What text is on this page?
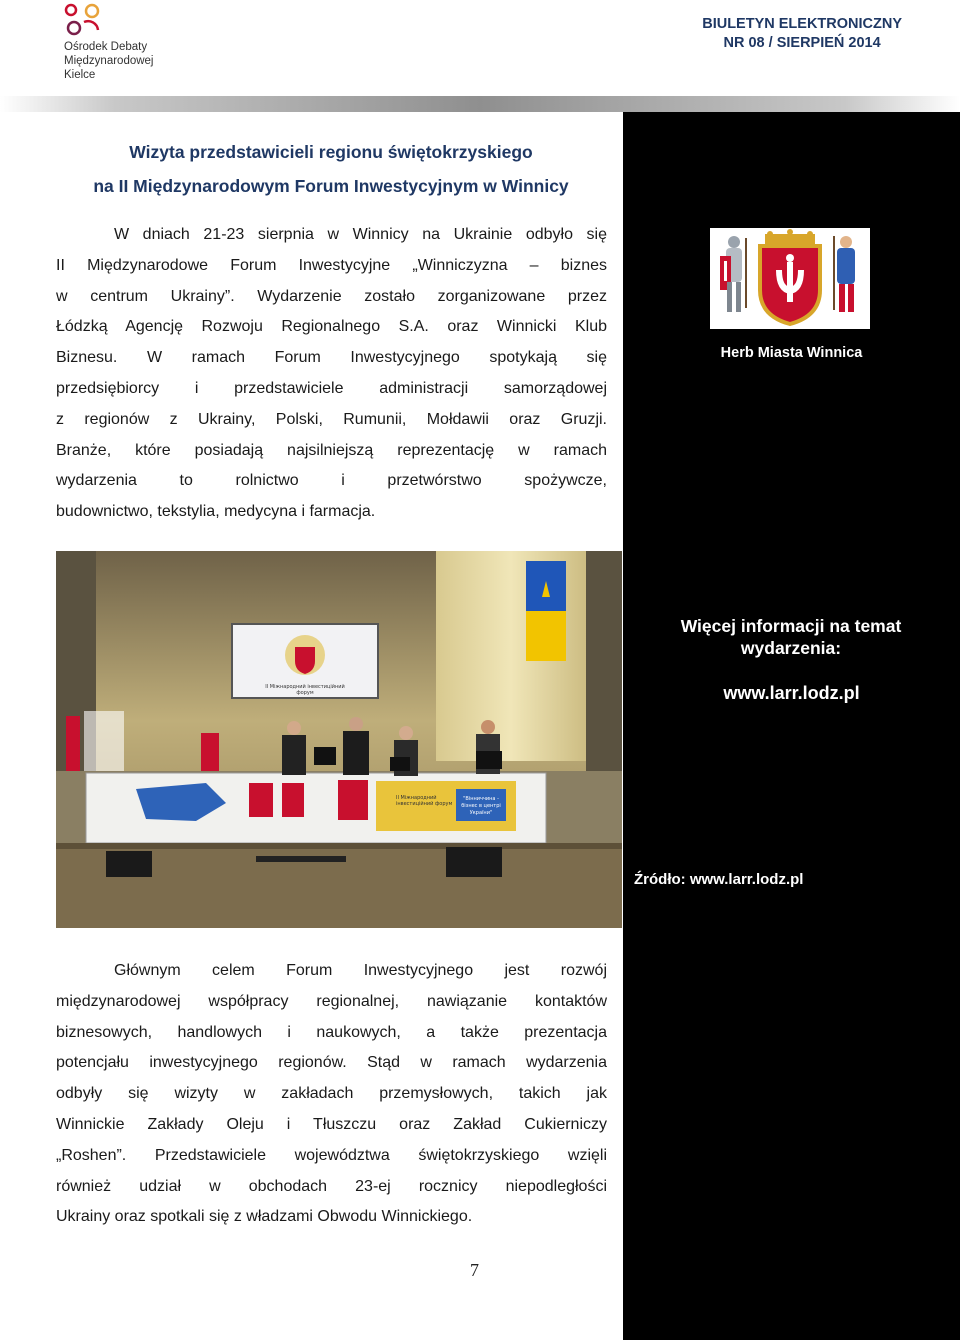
Ośrodek Debaty
Międzynarodowej
Kielce
BIULETYN ELEKTRONICZNY
NR 08 / SIERPIEŃ 2014
Herb Miasta Winnica
Więcej informacji na temat
wydarzenia:
www.larr.lodz.pl
Źródło: www.larr.lodz.pl
Wizyta przedstawicieli regionu świętokrzyskiego
na II Międzynarodowym Forum Inwestycyjnym w Winnicy

W dniach 21-23 sierpnia w Winnicy na Ukrainie odbyło się

II Międzynarodowe Forum Inwestycyjne „Winniczyzna – biznes

w centrum Ukrainy”. Wydarzenie zostało zorganizowane przez

Łódzką Agencję Rozwoju Regionalnego S.A. oraz Winnicki Klub

Biznesu. W ramach Forum Inwestycyjnego spotykają się

przedsiębiorcy i przedstawiciele administracji samorządowej

z regionów z Ukrainy, Polski, Rumunii, Mołdawii oraz Gruzji.

Branże, które posiadają najsilniejszą reprezentację w ramach

wydarzenia to rolnictwo i przetwórstwo spożywcze,

budownictwo, tekstylia, medycyna i farmacja.

II Міжнародний інвестиційний
форум
II Міжнародний
інвестиційний форум
"Вінниччина -
бізнес в центрі
України"

Głównym celem Forum Inwestycyjnego jest rozwój

międzynarodowej współpracy regionalnej, nawiązanie kontaktów

biznesowych, handlowych i naukowych, a także prezentacja

potencjału inwestycyjnego regionów. Stąd w ramach wydarzenia

odbyły się wizyty w zakładach przemysłowych, takich jak

Winnickie Zakłady Oleju i Tłuszczu oraz Zakład Cukierniczy

„Roshen”. Przedstawiciele województwa świętokrzyskiego wzięli

również udział w obchodach 23-ej rocznicy niepodległości

Ukrainy oraz spotkali się z władzami Obwodu Winnickiego.

7
